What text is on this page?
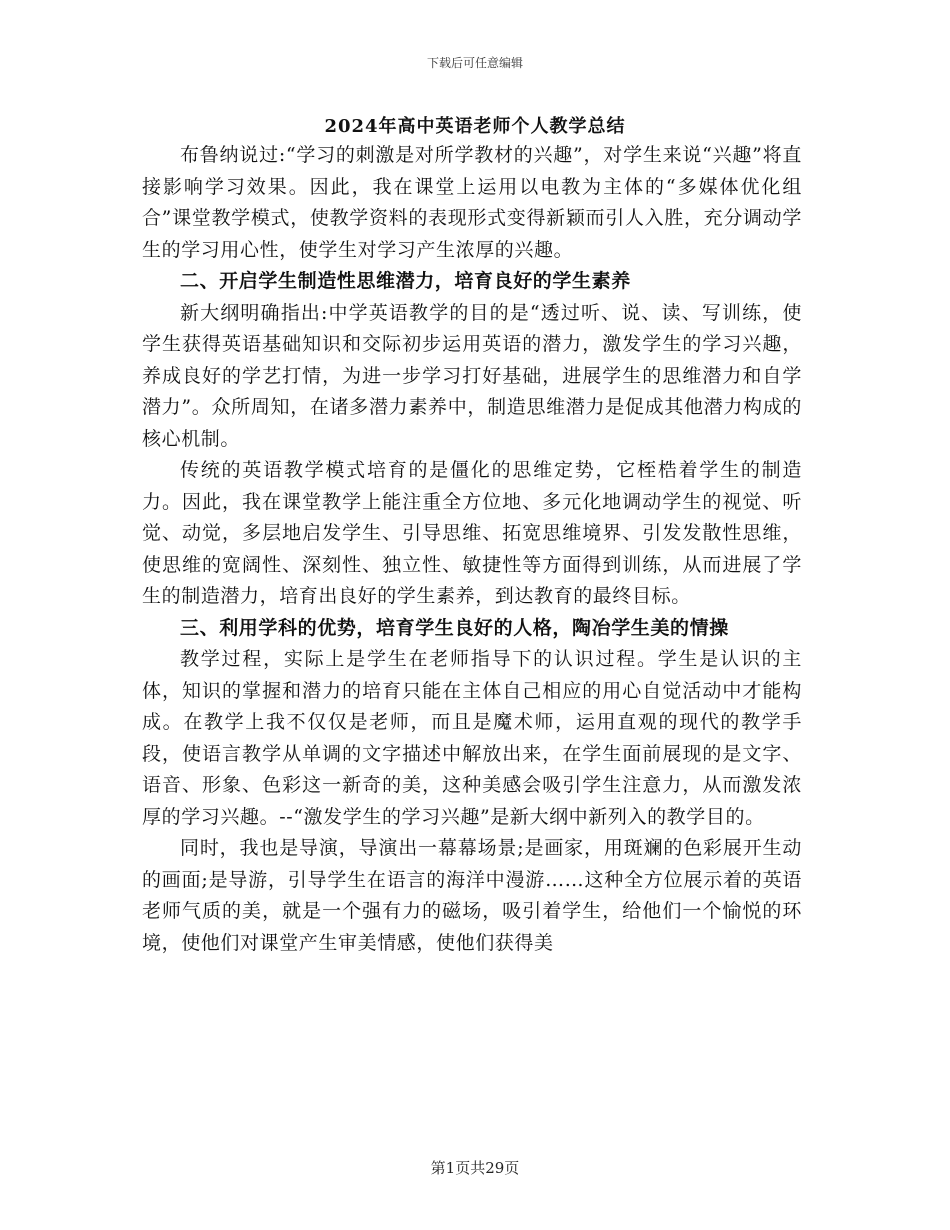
下载后可任意编辑
2024年高中英语老师个人教学总结

布鲁纳说过:“学习的刺激是对所学教材的兴趣”，对学生来说“兴趣”将直接影响学习效果。因此，我在课堂上运用以电教为主体的“多媒体优化组合”课堂教学模式，使教学资料的表现形式变得新颖而引人入胜，充分调动学生的学习用心性，使学生对学习产生浓厚的兴趣。

二、开启学生制造性思维潜力，培育良好的学生素养

新大纲明确指出:中学英语教学的目的是“透过听、说、读、写训练，使学生获得英语基础知识和交际初步运用英语的潜力，激发学生的学习兴趣，养成良好的学艺打情，为进一步学习打好基础，进展学生的思维潜力和自学潜力”。众所周知，在诸多潜力素养中，制造思维潜力是促成其他潜力构成的核心机制。

传统的英语教学模式培育的是僵化的思维定势，它桎梏着学生的制造力。因此，我在课堂教学上能注重全方位地、多元化地调动学生的视觉、听觉、动觉，多层地启发学生、引导思维、拓宽思维境界、引发发散性思维，使思维的宽阔性、深刻性、独立性、敏捷性等方面得到训练，从而进展了学生的制造潜力，培育出良好的学生素养，到达教育的最终目标。

三、利用学科的优势，培育学生良好的人格，陶冶学生美的情操

教学过程，实际上是学生在老师指导下的认识过程。学生是认识的主体，知识的掌握和潜力的培育只能在主体自己相应的用心自觉活动中才能构成。在教学上我不仅仅是老师，而且是魔术师，运用直观的现代的教学手段，使语言教学从单调的文字描述中解放出来，在学生面前展现的是文字、语音、形象、色彩这一新奇的美，这种美感会吸引学生注意力，从而激发浓厚的学习兴趣。--“激发学生的学习兴趣”是新大纲中新列入的教学目的。

同时，我也是导演，导演出一幕幕场景;是画家，用斑斓的色彩展开生动的画面;是导游，引导学生在语言的海洋中漫游……这种全方位展示着的英语老师气质的美，就是一个强有力的磁场，吸引着学生，给他们一个愉悦的环境，使他们对课堂产生审美情感，使他们获得美

第1页共29页
